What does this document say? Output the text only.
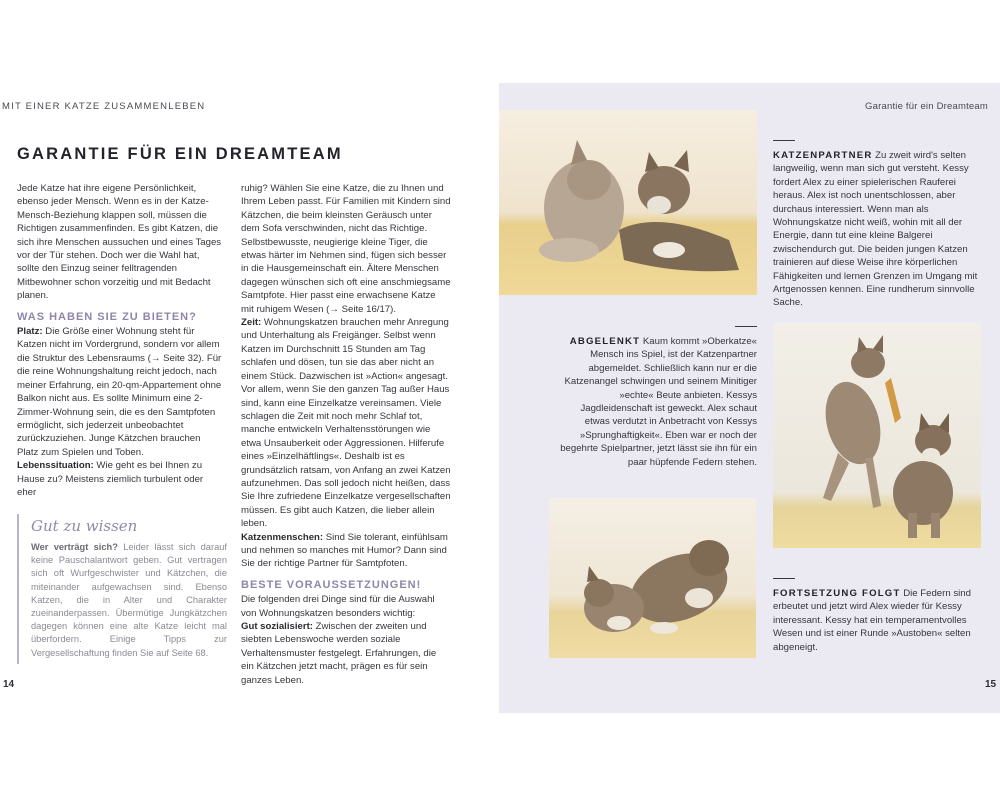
MIT EINER KATZE ZUSAMMENLEBEN	Garantie für ein Dreamteam
GARANTIE FÜR EIN DREAMTEAM

Jede Katze hat ihre eigene Persönlichkeit, ebenso jeder Mensch. Wenn es in der Katze-Mensch-Beziehung klappen soll, müssen die Richtigen zusammenfinden. Es gibt Katzen, die sich ihre Menschen aussuchen und eines Tages vor der Tür stehen. Doch wer die Wahl hat, sollte den Einzug seiner felltragenden Mitbewohner schon vorzeitig und mit Bedacht planen.

WAS HABEN SIE ZU BIETEN?

Platz: Die Größe einer Wohnung steht für Katzen nicht im Vordergrund, sondern vor allem die Struktur des Lebensraums (→ Seite 32). Für die reine Wohnungshaltung reicht jedoch, nach meiner Erfahrung, ein 20-qm-Appartement ohne Balkon nicht aus. Es sollte Minimum eine 2-Zimmer-Wohnung sein, die es den Samtpfoten ermöglicht, sich jederzeit unbeobachtet zurückzuziehen. Junge Kätzchen brauchen Platz zum Spielen und Toben.

Lebenssituation: Wie geht es bei Ihnen zu Hause zu? Meistens ziemlich turbulent oder eher

ruhig? Wählen Sie eine Katze, die zu Ihnen und Ihrem Leben passt. Für Familien mit Kindern sind Kätzchen, die beim kleinsten Geräusch unter dem Sofa verschwinden, nicht das Richtige. Selbstbewusste, neugierige kleine Tiger, die etwas härter im Nehmen sind, fügen sich besser in die Hausgemeinschaft ein. Ältere Menschen dagegen wünschen sich oft eine anschmiegsame Samtpfote. Hier passt eine erwachsene Katze mit ruhigem Wesen (→ Seite 16/17).

Zeit: Wohnungskatzen brauchen mehr Anregung und Unterhaltung als Freigänger. Selbst wenn Katzen im Durchschnitt 15 Stunden am Tag schlafen und dösen, tun sie das aber nicht an einem Stück. Dazwischen ist »Action« angesagt. Vor allem, wenn Sie den ganzen Tag außer Haus sind, kann eine Einzelkatze vereinsamen. Viele schlagen die Zeit mit noch mehr Schlaf tot, manche entwickeln Verhaltensstörungen wie etwa Unsauberkeit oder Aggressionen. Hilferufe eines »Einzelhäftlings«. Deshalb ist es grundsätzlich ratsam, von Anfang an zwei Katzen aufzunehmen. Das soll jedoch nicht heißen, dass Sie Ihre zufriedene Einzelkatze vergesellschaften müssen. Es gibt auch Katzen, die lieber allein leben.

Katzenmenschen: Sind Sie tolerant, einfühlsam und nehmen so manches mit Humor? Dann sind Sie der richtige Partner für Samtpfoten.

BESTE VORAUSSETZUNGEN!

Die folgenden drei Dinge sind für die Auswahl von Wohnungskatzen besonders wichtig:

Gut sozialisiert: Zwischen der zweiten und siebten Lebenswoche werden soziale Verhaltensmuster festgelegt. Erfahrungen, die ein Kätzchen jetzt macht, prägen es für sein ganzes Leben.

Gut zu wissen

Wer verträgt sich? Leider lässt sich darauf keine Pauschalantwort geben. Gut vertragen sich oft Wurfgeschwister und Kätzchen, die miteinander aufgewachsen sind. Ebenso Katzen, die in Alter und Charakter zueinanderpassen. Übermütige Jungkätzchen dagegen können eine alte Katze leicht mal überfordern. Einige Tipps zur Vergesellschaftung finden Sie auf Seite 68.

14	15
KATZENPARTNER Zu zweit wird's selten langweilig, wenn man sich gut versteht. Kessy fordert Alex zu einer spielerischen Rauferei heraus. Alex ist noch unentschlossen, aber durchaus interessiert. Wenn man als Wohnungskatze nicht weiß, wohin mit all der Energie, dann tut eine kleine Balgerei zwischendurch gut. Die beiden jungen Katzen trainieren auf diese Weise ihre körperlichen Fähigkeiten und lernen Grenzen im Umgang mit Artgenossen kennen. Eine rundherum sinnvolle Sache.
ABGELENKT Kaum kommt »Oberkatze« Mensch ins Spiel, ist der Katzenpartner abgemeldet. Schließlich kann nur er die Katzenangel schwingen und seinem Minitiger »echte« Beute anbieten. Kessys Jagdleidenschaft ist geweckt. Alex schaut etwas verdutzt in Anbetracht von Kessys »Sprunghaftigkeit«. Eben war er noch der begehrte Spielpartner, jetzt lässt sie ihn für ein paar hüpfende Federn stehen.
FORTSETZUNG FOLGT Die Federn sind erbeutet und jetzt wird Alex wieder für Kessy interessant. Kessy hat ein temperamentvolles Wesen und ist einer Runde »Austoben« selten abgeneigt.
